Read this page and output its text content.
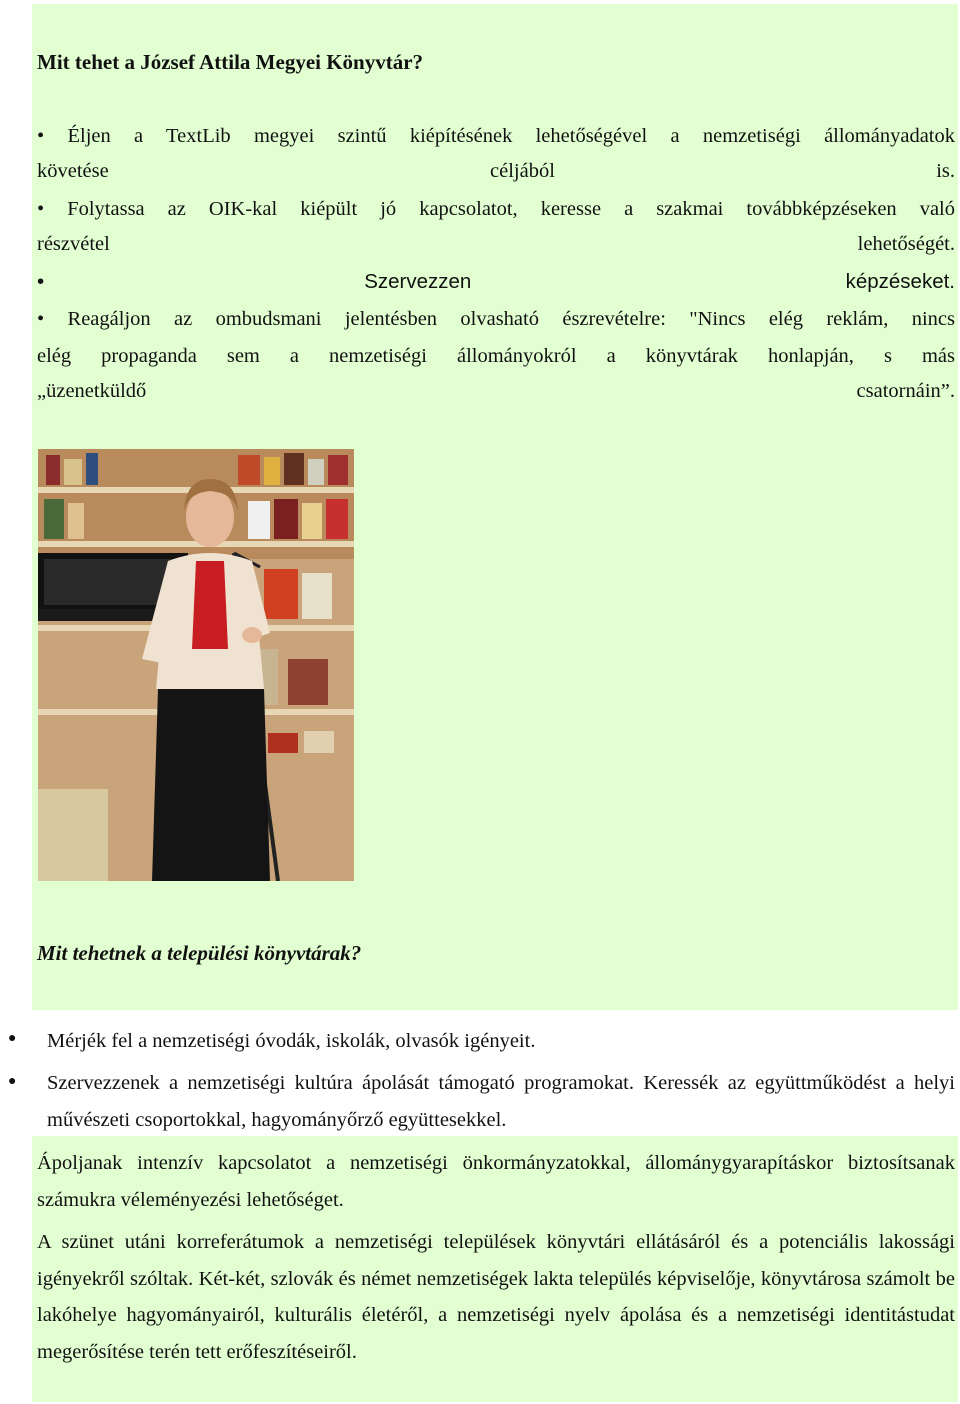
Mit tehet a József Attila Megyei Könyvtár?
• Éljen a TextLib megyei szintű kiépítésének lehetőségével a nemzetiségi állományadatok
követése	céljából	is.
• Folytassa az OIK-kal kiépült jó kapcsolatot, keresse a szakmai továbbképzéseken való
részvétel	lehetőségét.
•	Szervezzen	képzéseket.
• Reagáljon az ombudsmani jelentésben olvasható észrevételre: "Nincs elég reklám, nincs
elég propaganda sem a nemzetiségi állományokról a könyvtárak honlapján, s más
„üzenetküldő	csatornáin”.
Mit tehetnek a települési könyvtárak?
● Mérjék fel a nemzetiségi óvodák, iskolák, olvasók igényeit.
● Szervezzenek a nemzetiségi kultúra ápolását támogató programokat. Keressék az együttműködést a helyi művészeti csoportokkal, hagyományőrző együttesekkel.
Ápoljanak intenzív kapcsolatot a nemzetiségi önkormányzatokkal, állománygyarapításkor biztosítsanak számukra véleményezési lehetőséget.
A szünet utáni korreferátumok a nemzetiségi települések könyvtári ellátásáról és a potenciális lakossági igényekről szóltak. Két-két, szlovák és német nemzetiségek lakta település képviselője, könyvtárosa számolt be lakóhelye hagyományairól, kulturális életéről, a nemzetiségi nyelv ápolása és a nemzetiségi identitástudat megerősítése terén tett erőfeszítéseiről.
